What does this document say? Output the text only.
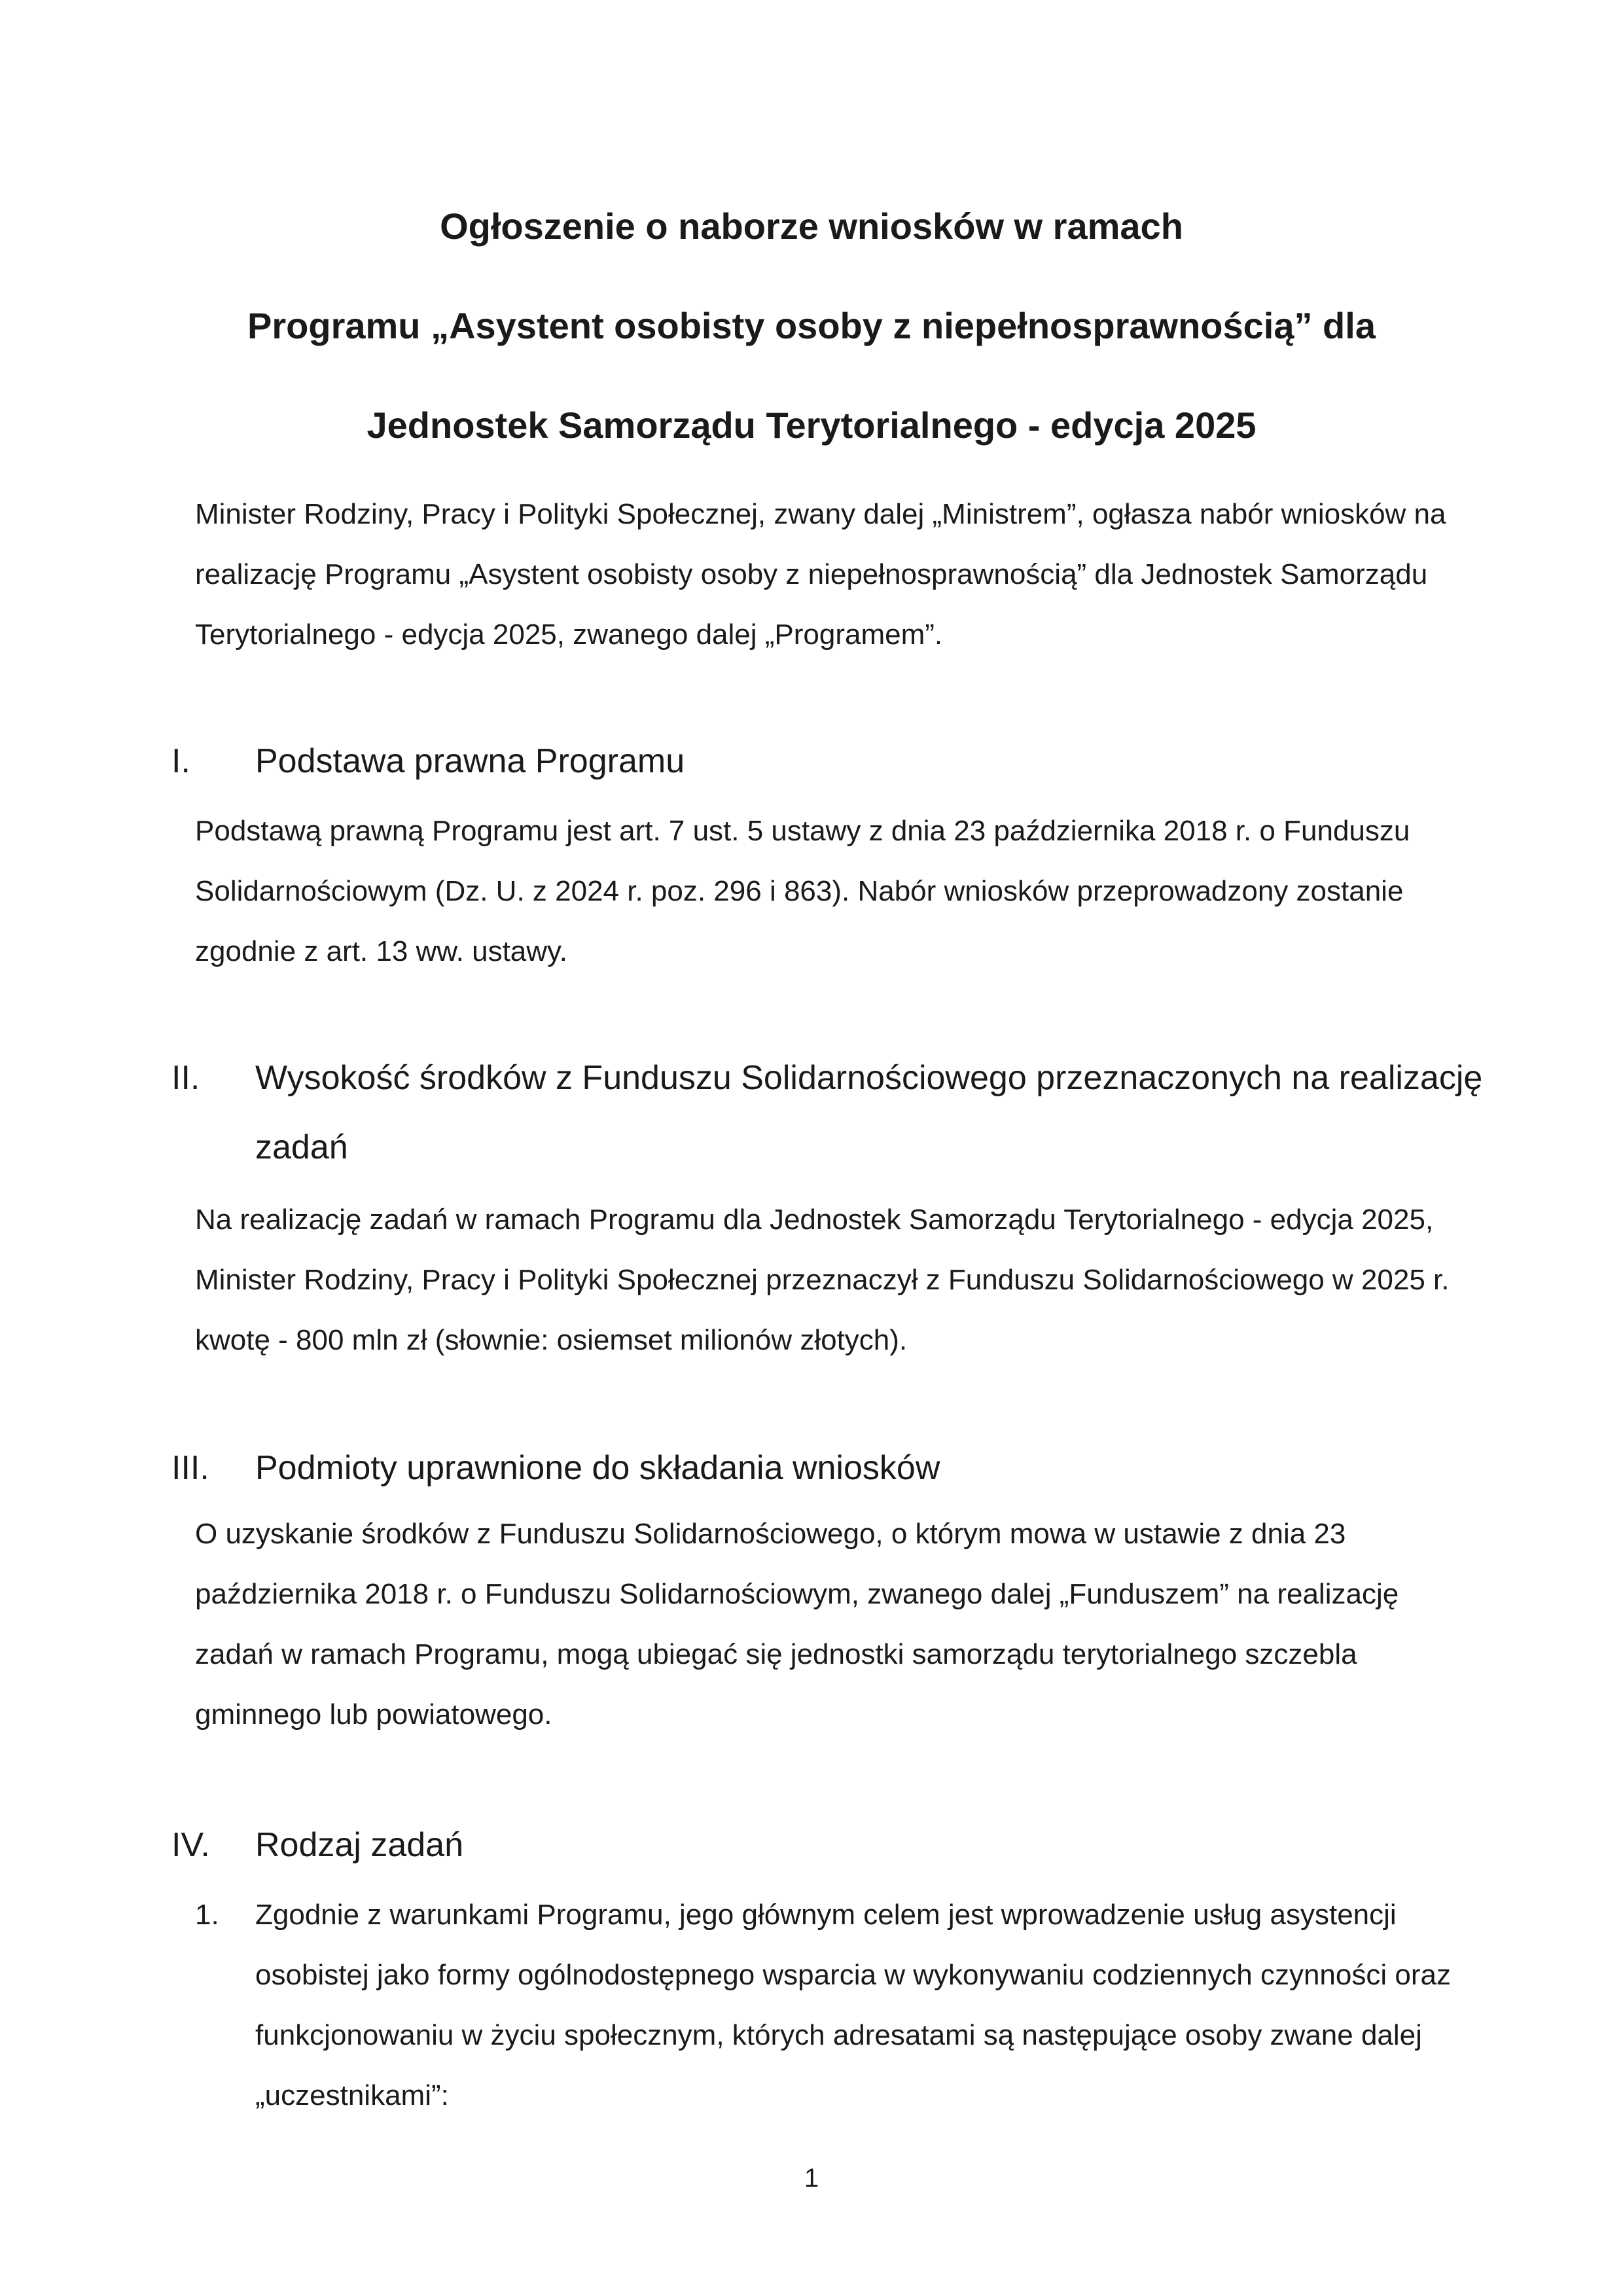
Ogłoszenie o naborze wniosków w ramach
Programu „Asystent osobisty osoby z niepełnosprawnością” dla
Jednostek Samorządu Terytorialnego - edycja 2025
Minister Rodziny, Pracy i Polityki Społecznej, zwany dalej „Ministrem”, ogłasza nabór wniosków na realizację Programu „Asystent osobisty osoby z niepełnosprawnością” dla Jednostek Samorządu Terytorialnego - edycja 2025, zwanego dalej „Programem”.
I. Podstawa prawna Programu
Podstawą prawną Programu jest art. 7 ust. 5 ustawy z dnia 23 października 2018 r. o Funduszu Solidarnościowym (Dz. U. z 2024 r. poz. 296 i 863). Nabór wniosków przeprowadzony zostanie zgodnie z art. 13 ww. ustawy.
II. Wysokość środków z Funduszu Solidarnościowego przeznaczonych na realizację zadań
Na realizację zadań w ramach Programu dla Jednostek Samorządu Terytorialnego - edycja 2025, Minister Rodziny, Pracy i Polityki Społecznej przeznaczył z Funduszu Solidarnościowego w 2025 r. kwotę - 800 mln zł (słownie: osiemset milionów złotych).
III. Podmioty uprawnione do składania wniosków
O uzyskanie środków z Funduszu Solidarnościowego, o którym mowa w ustawie z dnia 23 października 2018 r. o Funduszu Solidarnościowym, zwanego dalej „Funduszem” na realizację zadań w ramach Programu, mogą ubiegać się jednostki samorządu terytorialnego szczebla gminnego lub powiatowego.
IV. Rodzaj zadań
1.	Zgodnie z warunkami Programu, jego głównym celem jest wprowadzenie usług asystencji osobistej jako formy ogólnodostępnego wsparcia w wykonywaniu codziennych czynności oraz funkcjonowaniu w życiu społecznym, których adresatami są następujące osoby zwane dalej „uczestnikami”:
1
